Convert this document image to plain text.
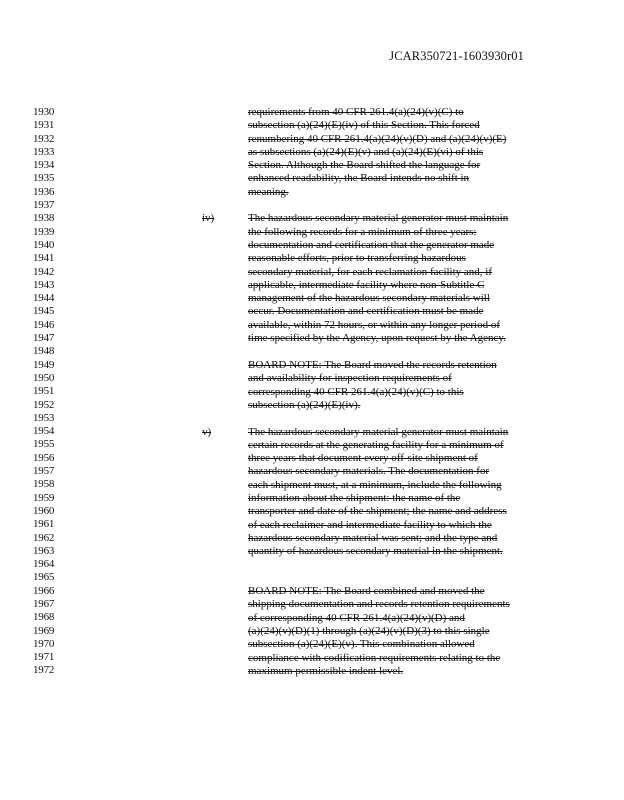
JCAR350721-1603930r01
1930
1931
1932
1933
1934
1935
1936
1937
1938
1939
1940
1941
1942
1943
1944
1945
1946
1947
1948
1949
1950
1951
1952
1953
1954
1955
1956
1957
1958
1959
1960
1961
1962
1963
1964
1965
1966
1967
1968
1969
1970
1971
1972
requirements from 40 CFR 261.4(a)(24)(v)(C) to
subsection (a)(24)(E)(iv) of this Section. This forced
renumbering 40 CFR 261.4(a)(24)(v)(D) and (a)(24)(v)(E)
as subsections (a)(24)(E)(v) and (a)(24)(E)(vi) of this
Section. Although the Board shifted the language for
enhanced readability, the Board intends no shift in
meaning.
iv)	The hazardous secondary material generator must maintain
the following records for a minimum of three years:
documentation and certification that the generator made
reasonable efforts, prior to transferring hazardous
secondary material, for each reclamation facility and, if
applicable, intermediate facility where non-Subtitle C
management of the hazardous secondary materials will
occur. Documentation and certification must be made
available, within 72 hours, or within any longer period of
time specified by the Agency, upon request by the Agency.
BOARD NOTE: The Board moved the records retention
and availability for inspection requirements of
corresponding 40 CFR 261.4(a)(24)(v)(C) to this
subsection (a)(24)(E)(iv).
v)	The hazardous secondary material generator must maintain
certain records at the generating facility for a minimum of
three years that document every off-site shipment of
hazardous secondary materials. The documentation for
each shipment must, at a minimum, include the following
information about the shipment: the name of the
transporter and date of the shipment; the name and address
of each reclaimer and intermediate facility to which the
hazardous secondary material was sent; and the type and
quantity of hazardous secondary material in the shipment.
BOARD NOTE: The Board combined and moved the
shipping documentation and records retention requirements
of corresponding 40 CFR 261.4(a)(24)(v)(D) and
(a)(24)(v)(D)(1) through (a)(24)(v)(D)(3) to this single
subsection (a)(24)(E)(v). This combination allowed
compliance with codification requirements relating to the
maximum permissible indent level.
